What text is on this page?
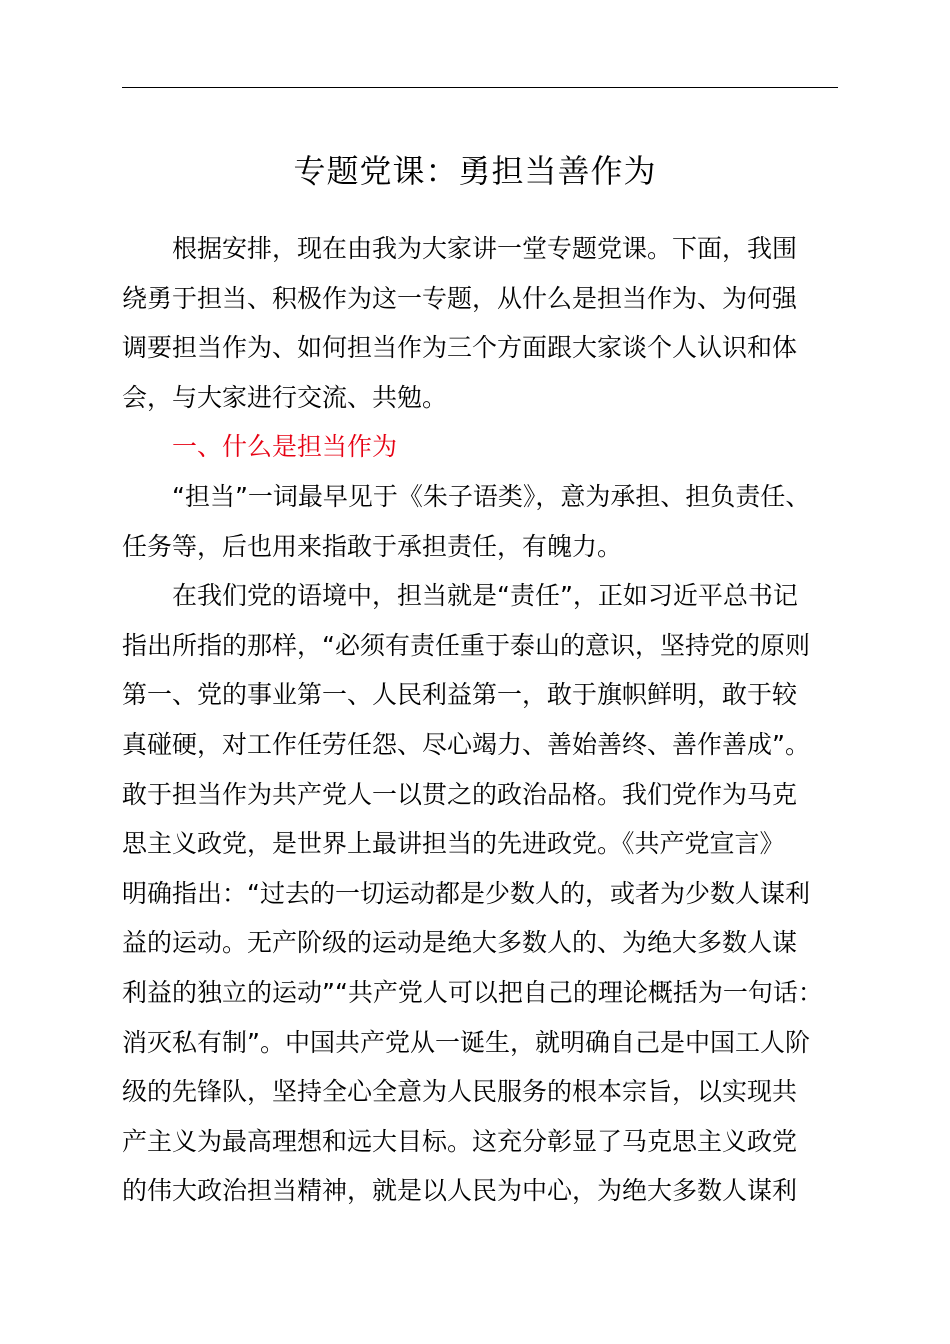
专题党课：勇担当善作为
根据安排，现在由我为大家讲一堂专题党课。下面，我围
绕勇于担当、积极作为这一专题，从什么是担当作为、为何强
调要担当作为、如何担当作为三个方面跟大家谈个人认识和体
会，与大家进行交流、共勉。
一、什么是担当作为
“担当”一词最早见于《朱子语类》，意为承担、担负责任、
任务等，后也用来指敢于承担责任，有魄力。
在我们党的语境中，担当就是“责任”，正如习近平总书记
指出所指的那样，“必须有责任重于泰山的意识，坚持党的原则
第一、党的事业第一、人民利益第一，敢于旗帜鲜明，敢于较
真碰硬，对工作任劳任怨、尽心竭力、善始善终、善作善成”。
敢于担当作为共产党人一以贯之的政治品格。我们党作为马克
思主义政党，是世界上最讲担当的先进政党。《共产党宣言》
明确指出：“过去的一切运动都是少数人的，或者为少数人谋利
益的运动。无产阶级的运动是绝大多数人的、为绝大多数人谋
利益的独立的运动”“共产党人可以把自己的理论概括为一句话：
消灭私有制”。中国共产党从一诞生，就明确自己是中国工人阶
级的先锋队，坚持全心全意为人民服务的根本宗旨，以实现共
产主义为最高理想和远大目标。这充分彰显了马克思主义政党
的伟大政治担当精神，就是以人民为中心，为绝大多数人谋利
